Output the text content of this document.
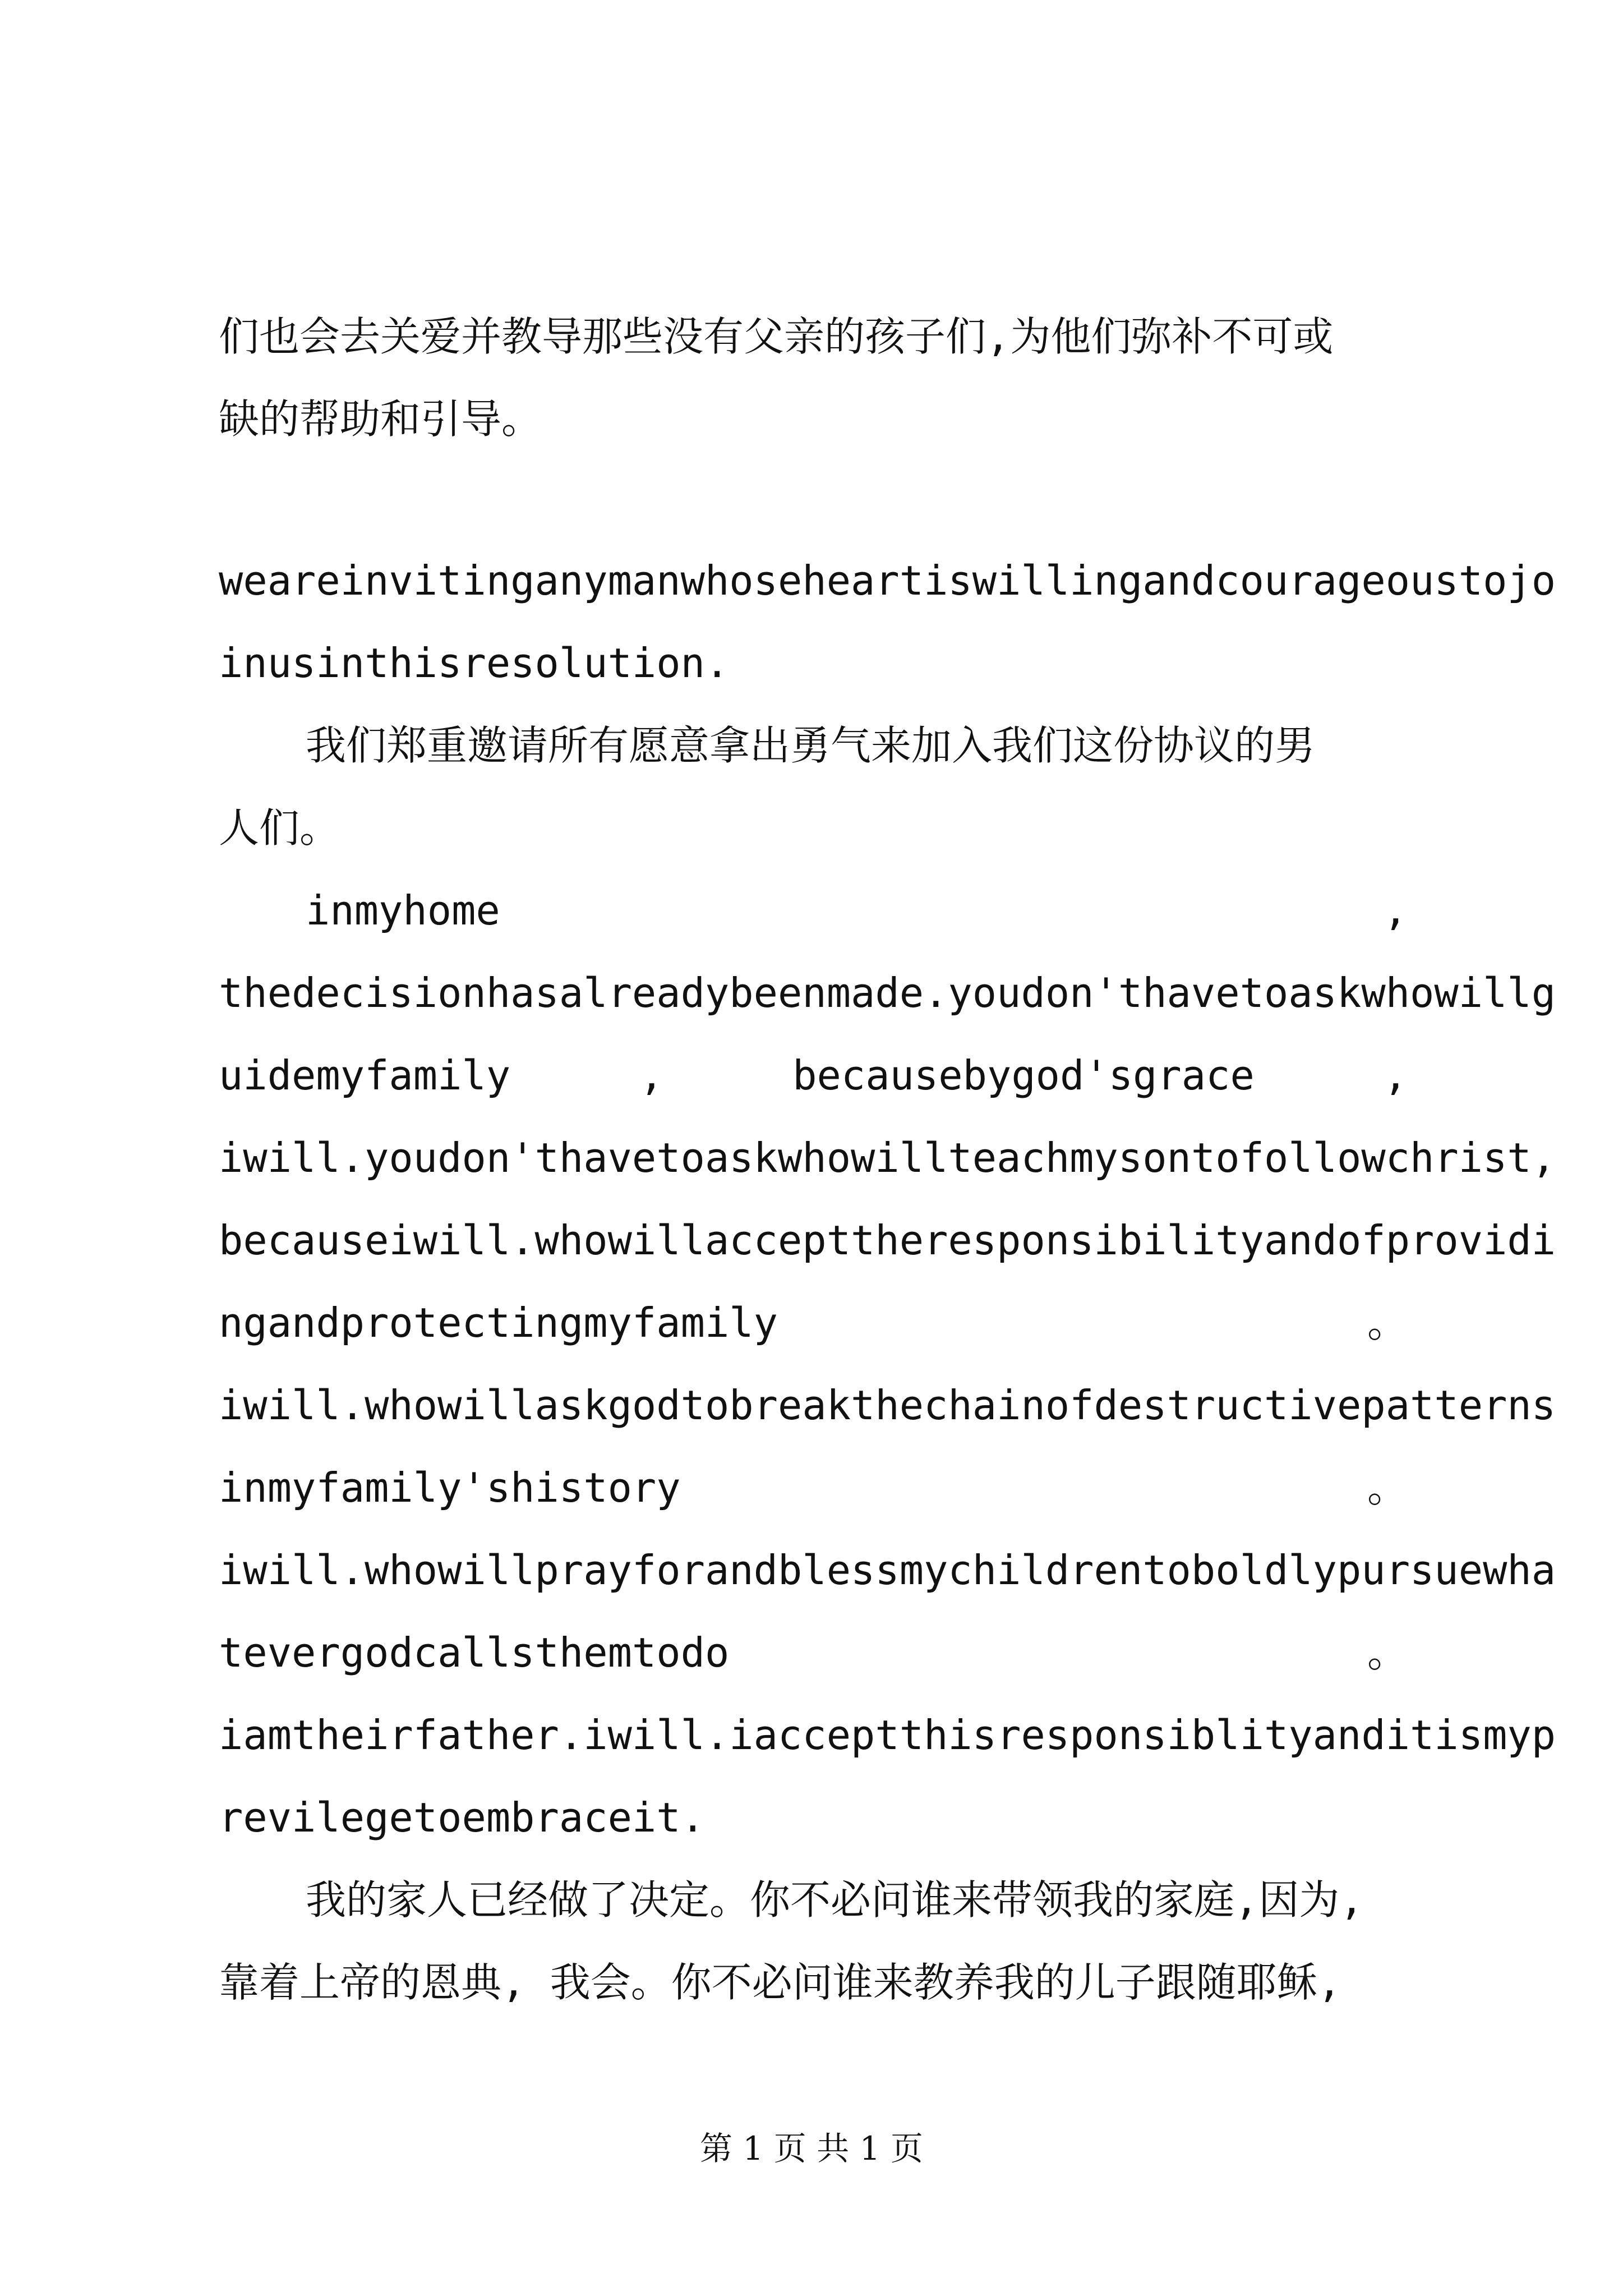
们也会去关爱并教导那些没有父亲的孩子们,为他们弥补不可或
缺的帮助和引导。
weareinvitinganymanwhoseheartiswillingandcourageoustojo
inusinthisresolution.
我们郑重邀请所有愿意拿出勇气来加入我们这份协议的男
人们。
inmyhome	,
thedecisionhasalreadybeenmade.youdon'thavetoaskwhowillg
uidemyfamily	,	becausebygod'sgrace	,
iwill.youdon'thavetoaskwhowillteachmysontofollowchrist,
becauseiwill.whowillaccepttheresponsibilityandofprovidi
ngandprotectingmyfamily	。
iwill.whowillaskgodtobreakthechainofdestructivepatterns
inmyfamily'shistory	。
iwill.whowillprayforandblessmychildrentoboldlypursuewha
tevergodcallsthemtodo	。
iamtheirfather.iwill.iacceptthisresponsiblityanditismyp
revilegetoembraceit.
我的家人已经做了决定。你不必问谁来带领我的家庭,因为,
靠着上帝的恩典, 我会。你不必问谁来教养我的儿子跟随耶稣,
第 1 页 共 1 页
